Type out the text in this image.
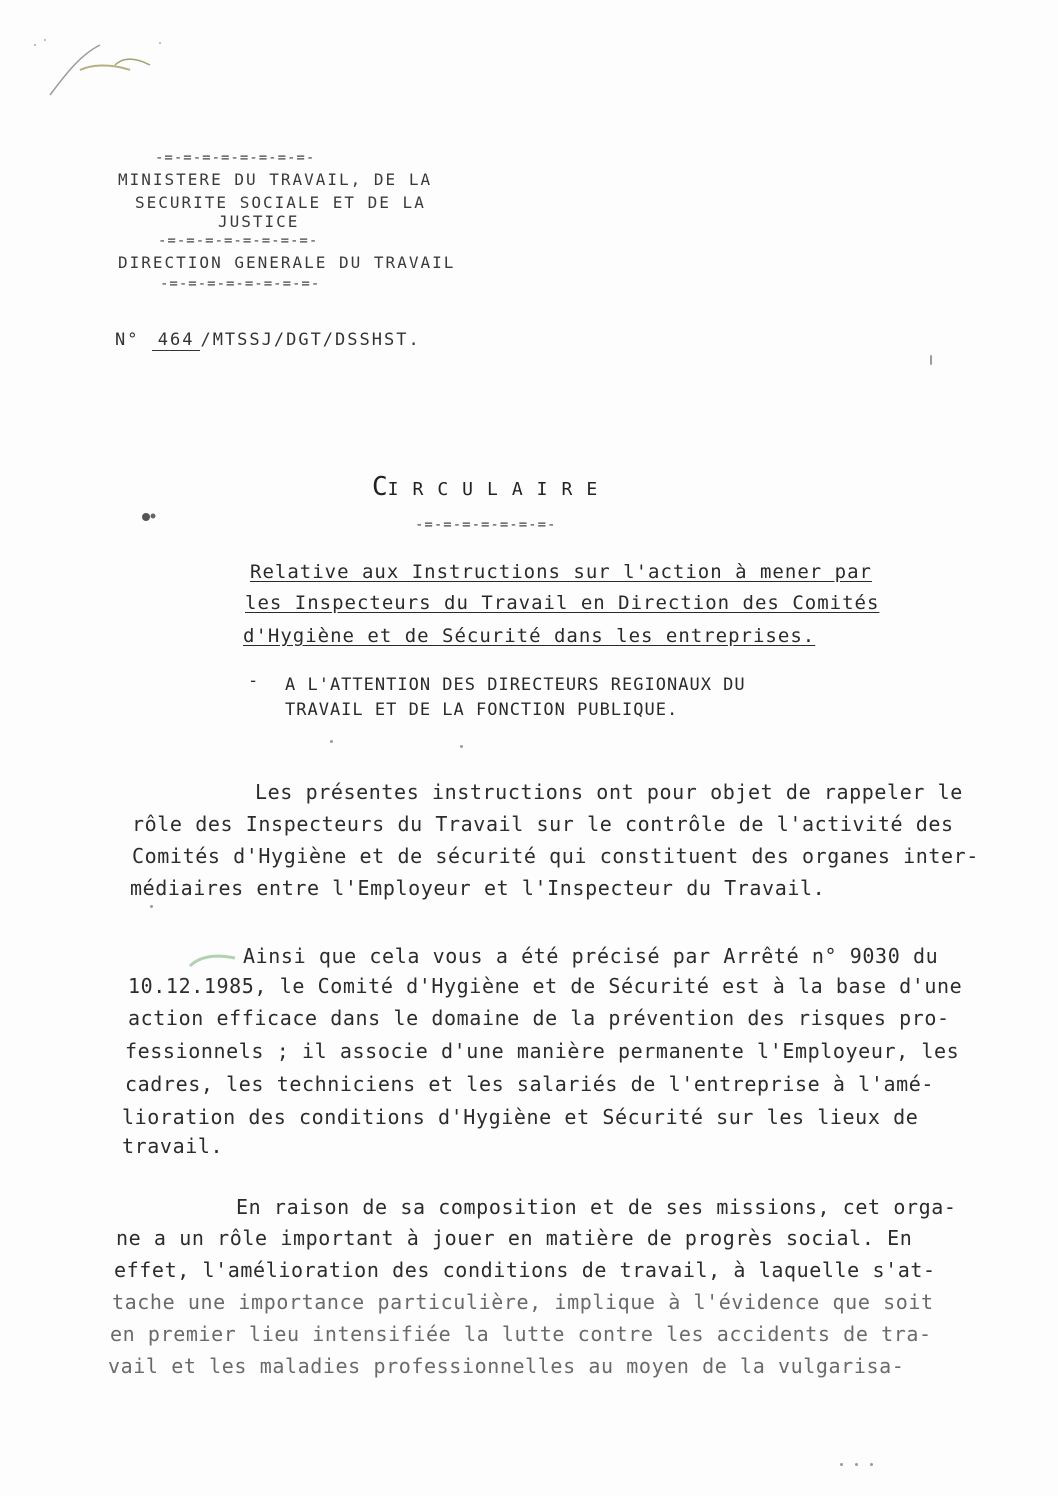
-=-=-=-=-=-=-=-=-
MINISTERE DU TRAVAIL, DE LA
SECURITE SOCIALE ET DE LA
JUSTICE
-=-=-=-=-=-=-=-=-
DIRECTION GENERALE DU TRAVAIL
-=-=-=-=-=-=-=-=-
N° 464 /MTSSJ/DGT/DSSHST.
CIRCULAIRE
-=-=-=-=-=-=-=-
Relative aux Instructions sur l'action à mener par
les Inspecteurs du Travail en Direction des Comités
d'Hygiène et de Sécurité dans les entreprises.
- A L'ATTENTION DES DIRECTEURS REGIONAUX DU
TRAVAIL ET DE LA FONCTION PUBLIQUE.
Les présentes instructions ont pour objet de rappeler le
rôle des Inspecteurs du Travail sur le contrôle de l'activité des
Comités d'Hygiène et de sécurité qui constituent des organes inter-
médiaires entre l'Employeur et l'Inspecteur du Travail.
Ainsi que cela vous a été précisé par Arrêté n° 9030 du
10.12.1985, le Comité d'Hygiène et de Sécurité est à la base d'une
action efficace dans le domaine de la prévention des risques pro-
fessionnels ; il associe d'une manière permanente l'Employeur, les
cadres, les techniciens et les salariés de l'entreprise à l'amé-
lioration des conditions d'Hygiène et Sécurité sur les lieux de
travail.
En raison de sa composition et de ses missions, cet orga-
ne a un rôle important à jouer en matière de progrès social. En
effet, l'amélioration des conditions de travail, à laquelle s'at-
tache une importance particulière, implique à l'évidence que soit
en premier lieu intensifiée la lutte contre les accidents de tra-
vail et les maladies professionnelles au moyen de la vulgarisa-
